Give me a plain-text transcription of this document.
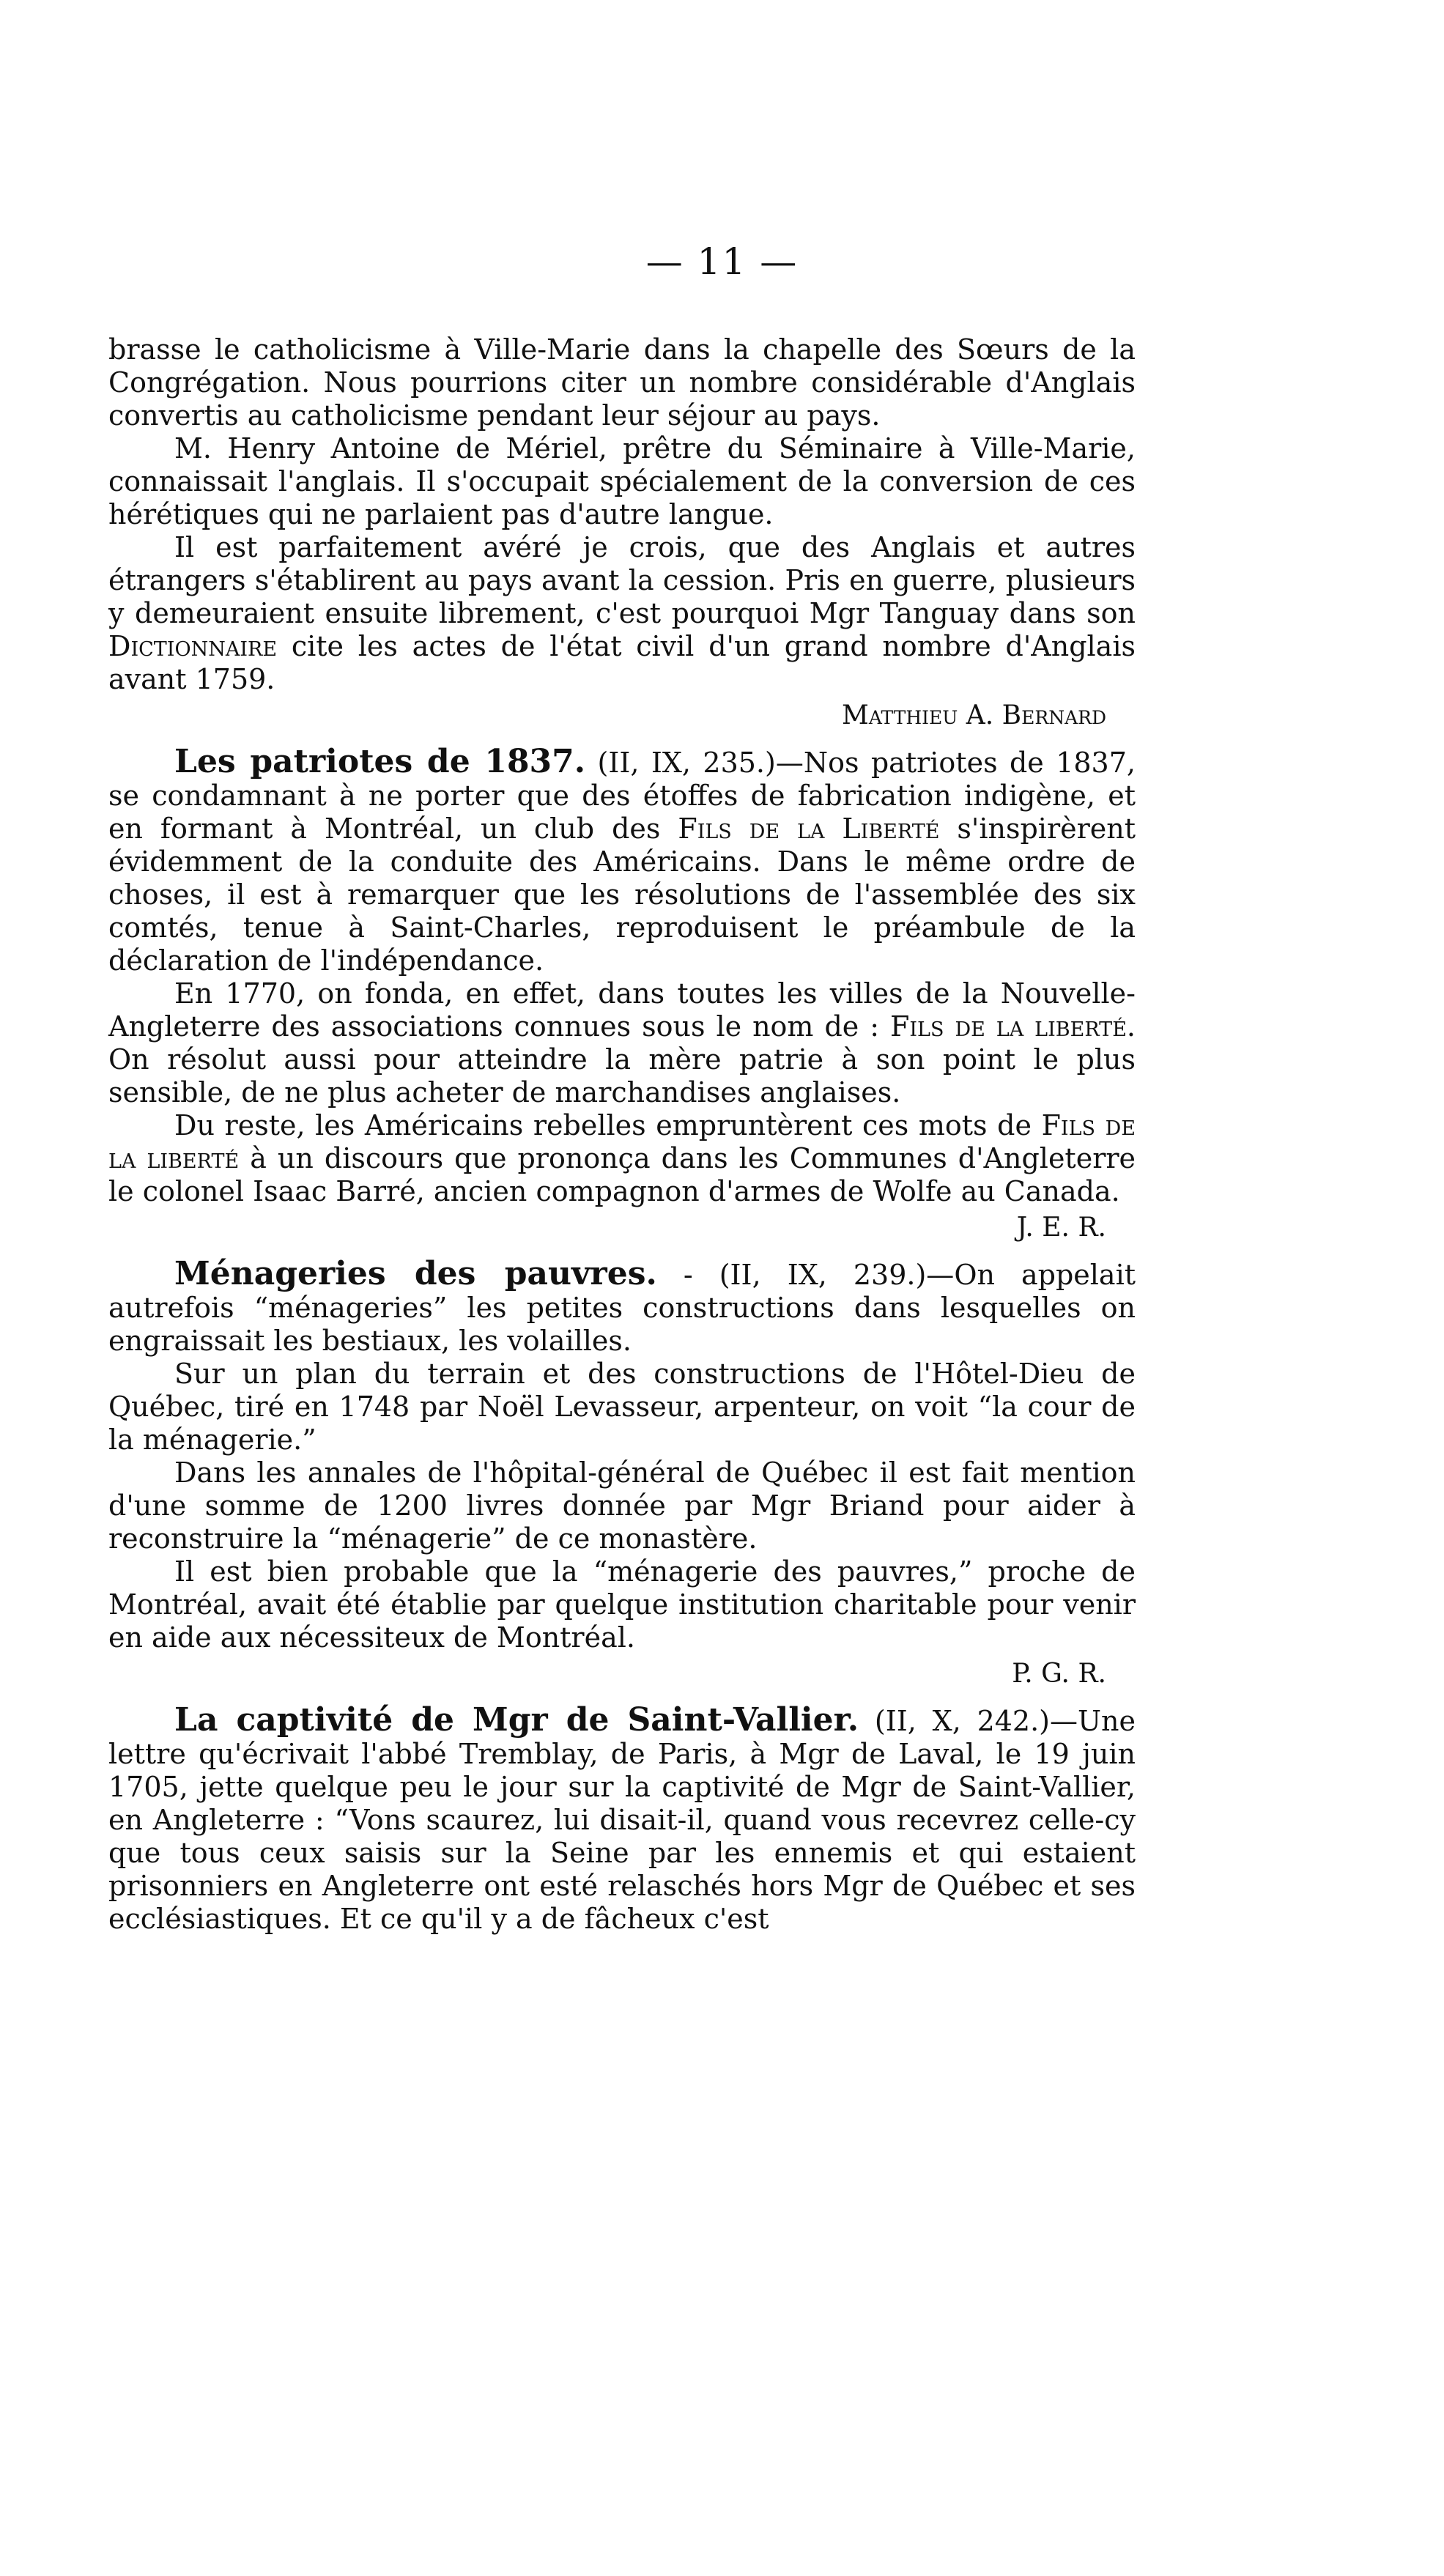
— 11 —

brasse le catholicisme à Ville-Marie dans la chapelle des Sœurs de la Congrégation. Nous pourrions citer un nombre considérable d'Anglais convertis au catholicisme pendant leur séjour au pays.

M. Henry Antoine de Mériel, prêtre du Séminaire à Ville-Marie, connaissait l'anglais. Il s'occupait spécialement de la conversion de ces hérétiques qui ne parlaient pas d'autre langue.

Il est parfaitement avéré je crois, que des Anglais et autres étrangers s'établirent au pays avant la cession. Pris en guerre, plusieurs y demeuraient ensuite librement, c'est pourquoi Mgr Tanguay dans son Dictionnaire cite les actes de l'état civil d'un grand nombre d'Anglais avant 1759.

Matthieu A. Bernard

Les patriotes de 1837. (II, IX, 235.)—Nos patriotes de 1837, se condamnant à ne porter que des étoffes de fabrication indigène, et en formant à Montréal, un club des Fils de la Liberté s'inspirèrent évidemment de la conduite des Américains. Dans le même ordre de choses, il est à remarquer que les résolutions de l'assemblée des six comtés, tenue à Saint-Charles, reproduisent le préambule de la déclaration de l'indépendance.

En 1770, on fonda, en effet, dans toutes les villes de la Nouvelle-Angleterre des associations connues sous le nom de : Fils de la liberté. On résolut aussi pour atteindre la mère patrie à son point le plus sensible, de ne plus acheter de marchandises anglaises.

Du reste, les Américains rebelles empruntèrent ces mots de Fils de la liberté à un discours que prononça dans les Communes d'Angleterre le colonel Isaac Barré, ancien compagnon d'armes de Wolfe au Canada.

J. E. R.

Ménageries des pauvres. - (II, IX, 239.)—On appelait autrefois “ménageries” les petites constructions dans lesquelles on engraissait les bestiaux, les volailles.

Sur un plan du terrain et des constructions de l'Hôtel-Dieu de Québec, tiré en 1748 par Noël Levasseur, arpenteur, on voit “la cour de la ménagerie.”

Dans les annales de l'hôpital-général de Québec il est fait mention d'une somme de 1200 livres donnée par Mgr Briand pour aider à reconstruire la “ménagerie” de ce monastère.

Il est bien probable que la “ménagerie des pauvres,” proche de Montréal, avait été établie par quelque institution charitable pour venir en aide aux nécessiteux de Montréal.

P. G. R.

La captivité de Mgr de Saint-Vallier. (II, X, 242.)—Une lettre qu'écrivait l'abbé Tremblay, de Paris, à Mgr de Laval, le 19 juin 1705, jette quelque peu le jour sur la captivité de Mgr de Saint-Vallier, en Angleterre : “Vons scaurez, lui disait-il, quand vous recevrez celle-cy que tous ceux saisis sur la Seine par les ennemis et qui estaient prisonniers en Angleterre ont esté relaschés hors Mgr de Québec et ses ecclésiastiques. Et ce qu'il y a de fâcheux c'est
